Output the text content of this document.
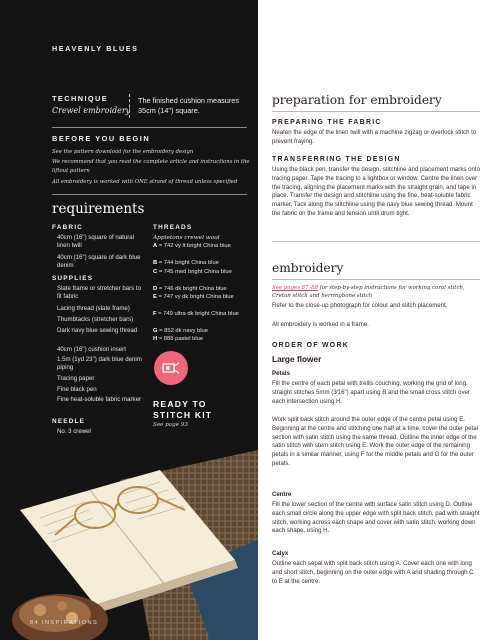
HEAVENLY BLUES
TECHNIQUE
Crewel embroidery
The finished cushion measures 35cm (14") square.
BEFORE YOU BEGIN
See the pattern download for the embroidery design
We recommend that you read the complete article and instructions in the liftout pattern
All embroidery is worked with ONE strand of thread unless specified
requirements
FABRIC
40cm (16") square of natural linen twill
40cm (16") square of dark blue denim
SUPPLIES
Slate frame or stretcher bars to fit fabric
Lacing thread (slate frame)
Thumbtacks (stretcher bars)
Dark navy blue sewing thread
40cm (16") cushion insert
1.5m (1yd 23") dark blue denim piping
Tracing paper
Fine black pen
Fine heat-soluble fabric marker
NEEDLE
No. 3 crewel
THREADS
Appletons crewel wool
A = 742 vy lt bright China blue
B = 744 bright China blue
C = 745 med bright China blue
D = 746 dk bright China blue
E = 747 vy dk bright China blue
F = 749 ultra dk bright China blue
G = 852 dk navy blue
H = 888 pastel blue
READY TO
STITCH KIT
See page 93
84 INSPIRATIONS
preparation for embroidery
PREPARING THE FABRIC
Neaten the edge of the linen twill with a machine zigzag or overlock stitch to prevent fraying.
TRANSFERRING THE DESIGN
Using the black pen, transfer the design, stitchline and placement marks onto tracing paper. Tape the tracing to a lightbox or window. Centre the linen over the tracing, aligning the placement marks with the straight grain, and tape in place. Transfer the design and stitchline using the fine, heat-soluble fabric marker. Tack along the stitchline using the navy blue sewing thread. Mount the fabric on the frame and tension until drum tight.
embroidery
See pages 87–88 for step-by-step instructions for working coral stitch, Cretan stitch and herringbone stitch
Refer to the close-up photograph for colour and stitch placement.
All embroidery is worked in a frame.
ORDER OF WORK
Large flower
Petals
Fill the centre of each petal with trellis couching, working the grid of long, straight stitches 5mm (3⁄16") apart using B and the small cross stitch over each intersection using H.
Work split back stitch around the outer edge of the centre petal using E. Beginning at the centre and stitching one half at a time, cover the outer petal section with satin stitch using the same thread. Outline the inner edge of the satin stitch with stem stitch using E. Work the outer edge of the remaining petals in a similar manner, using F for the middle petals and G for the outer petals.
Centre
Fill the lower section of the centre with surface satin stitch using D. Outline each small circle along the upper edge with split back stitch, pad with straight stitch, working across each shape and cover with satin stitch, working down each shape, using H.
Calyx
Outline each sepal with split back stitch using A. Cover each one with long and short stitch, beginning on the outer edge with A and shading through C to E at the centre.
